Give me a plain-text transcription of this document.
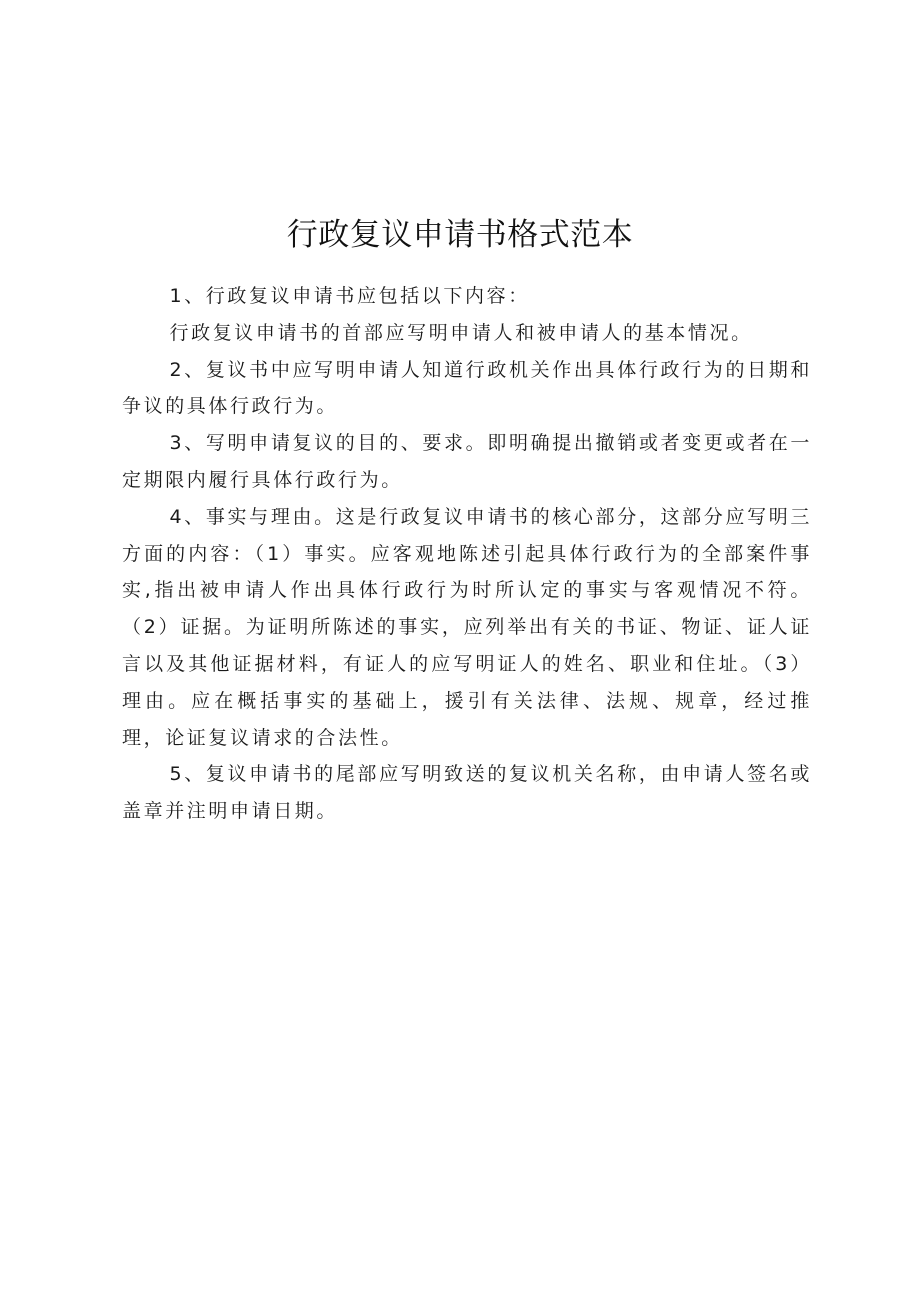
行政复议申请书格式范本

1、行政复议申请书应包括以下内容：

行政复议申请书的首部应写明申请人和被申请人的基本情况。

2、复议书中应写明申请人知道行政机关作出具体行政行为的日期和争议的具体行政行为。

3、写明申请复议的目的、要求。即明确提出撤销或者变更或者在一定期限内履行具体行政行为。

4、事实与理由。这是行政复议申请书的核心部分，这部分应写明三方面的内容：（1）事实。应客观地陈述引起具体行政行为的全部案件事实,指出被申请人作出具体行政行为时所认定的事实与客观情况不符。（2）证据。为证明所陈述的事实，应列举出有关的书证、物证、证人证言以及其他证据材料，有证人的应写明证人的姓名、职业和住址。（3）理由。应在概括事实的基础上，援引有关法律、法规、规章，经过推理，论证复议请求的合法性。

5、复议申请书的尾部应写明致送的复议机关名称，由申请人签名或盖章并注明申请日期。
